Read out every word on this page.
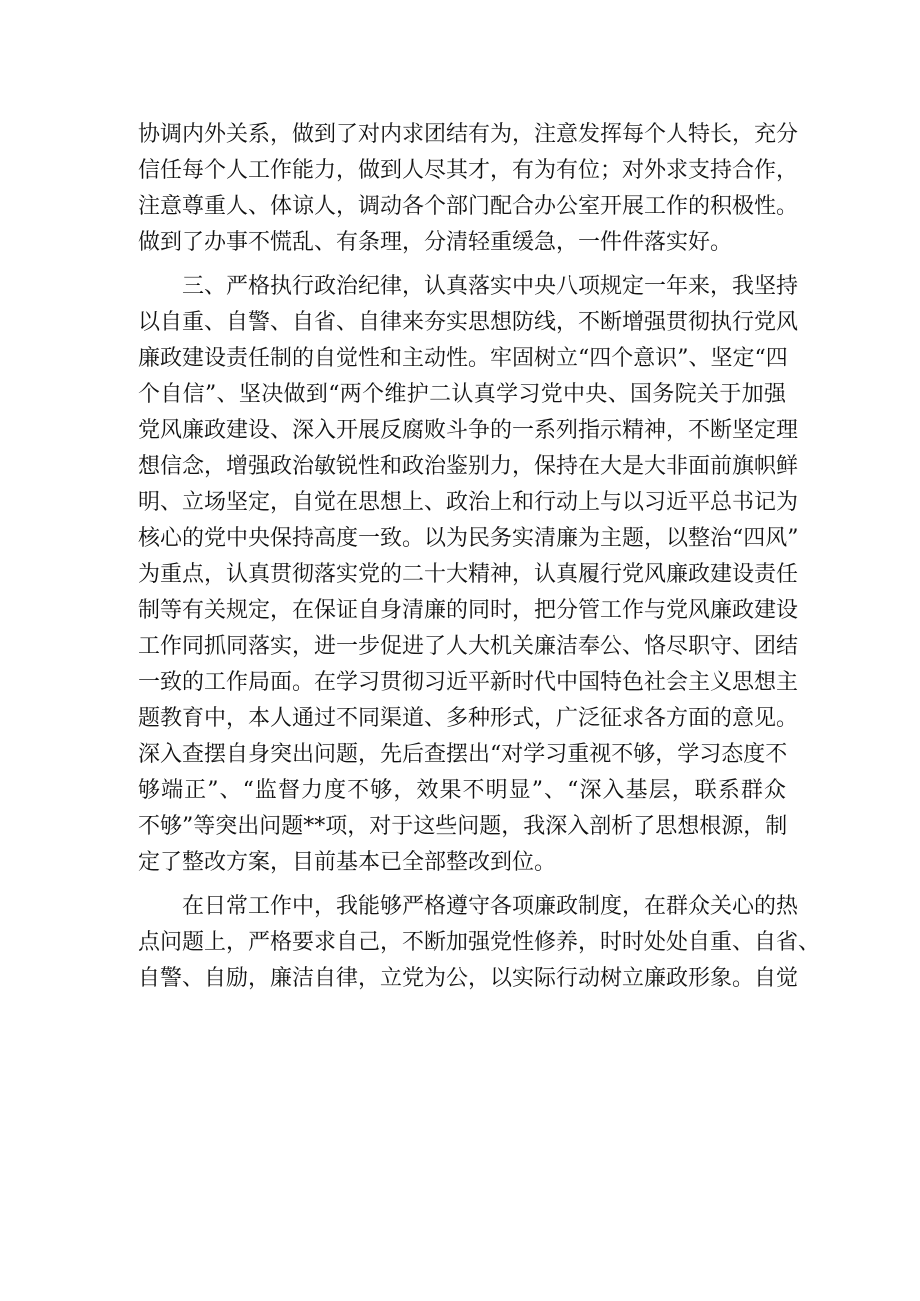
协调内外关系，做到了对内求团结有为，注意发挥每个人特长，充分
信任每个人工作能力，做到人尽其才，有为有位；对外求支持合作，
注意尊重人、体谅人，调动各个部门配合办公室开展工作的积极性。
做到了办事不慌乱、有条理，分清轻重缓急，一件件落实好。
　　三、严格执行政治纪律，认真落实中央八项规定一年来，我坚持
以自重、自警、自省、自律来夯实思想防线，不断增强贯彻执行党风
廉政建设责任制的自觉性和主动性。牢固树立“四个意识”、坚定“四
个自信”、坚决做到“两个维护二认真学习党中央、国务院关于加强
党风廉政建设、深入开展反腐败斗争的一系列指示精神，不断坚定理
想信念，增强政治敏锐性和政治鉴别力，保持在大是大非面前旗帜鲜
明、立场坚定，自觉在思想上、政治上和行动上与以习近平总书记为
核心的党中央保持高度一致。以为民务实清廉为主题，以整治“四风”
为重点，认真贯彻落实党的二十大精神，认真履行党风廉政建设责任
制等有关规定，在保证自身清廉的同时，把分管工作与党风廉政建设
工作同抓同落实，进一步促进了人大机关廉洁奉公、恪尽职守、团结
一致的工作局面。在学习贯彻习近平新时代中国特色社会主义思想主
题教育中，本人通过不同渠道、多种形式，广泛征求各方面的意见。
深入查摆自身突出问题，先后查摆出“对学习重视不够，学习态度不
够端正”、“监督力度不够，效果不明显”、“深入基层，联系群众
不够”等突出问题**项，对于这些问题，我深入剖析了思想根源，制
定了整改方案，目前基本已全部整改到位。
　　在日常工作中，我能够严格遵守各项廉政制度，在群众关心的热
点问题上，严格要求自己，不断加强党性修养，时时处处自重、自省、
自警、自励，廉洁自律，立党为公，以实际行动树立廉政形象。自觉
